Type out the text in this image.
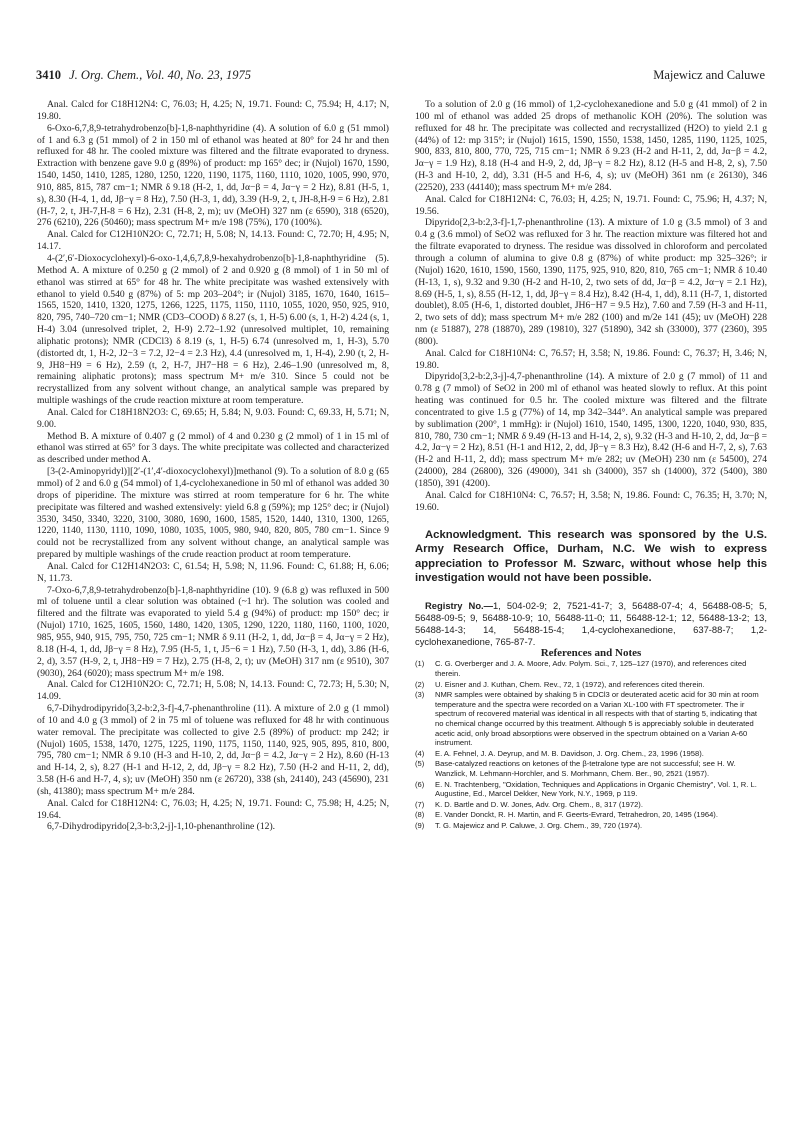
3410 J. Org. Chem., Vol. 40, No. 23, 1975	Majewicz and Caluwe

Anal. Calcd for C18H12N4: C, 76.03; H, 4.25; N, 19.71. Found: C, 75.94; H, 4.17; N, 19.80.

6-Oxo-6,7,8,9-tetrahydrobenzo[b]-1,8-naphthyridine (4). A solution of 6.0 g (51 mmol) of 1 and 6.3 g (51 mmol) of 2 in 150 ml of ethanol was heated at 80° for 24 hr and then refluxed for 48 hr. The cooled mixture was filtered and the filtrate evaporated to dryness. Extraction with benzene gave 9.0 g (89%) of product: mp 165° dec; ir (Nujol) 1670, 1590, 1540, 1450, 1410, 1285, 1280, 1250, 1220, 1190, 1175, 1160, 1110, 1020, 1005, 990, 970, 910, 885, 815, 787 cm−1; NMR δ 9.18 (H-2, 1, dd, Jα−β = 4, Jα−γ = 2 Hz), 8.81 (H-5, 1, s), 8.30 (H-4, 1, dd, Jβ−γ = 8 Hz), 7.50 (H-3, 1, dd), 3.39 (H-9, 2, t, JH-8,H-9 = 6 Hz), 2.81 (H-7, 2, t, JH-7,H-8 = 6 Hz), 2.31 (H-8, 2, m); uv (MeOH) 327 nm (ε 6590), 318 (6520), 276 (6210), 226 (50460); mass spectrum M+ m/e 198 (75%), 170 (100%).

Anal. Calcd for C12H10N2O: C, 72.71; H, 5.08; N, 14.13. Found: C, 72.70; H, 4.95; N, 14.17.

4-(2′,6′-Dioxocyclohexyl)-6-oxo-1,4,6,7,8,9-hexahydrobenzo[b]-1,8-naphthyridine (5). Method A. A mixture of 0.250 g (2 mmol) of 2 and 0.920 g (8 mmol) of 1 in 50 ml of ethanol was stirred at 65° for 48 hr. The white precipitate was washed extensively with ethanol to yield 0.540 g (87%) of 5: mp 203–204°; ir (Nujol) 3185, 1670, 1640, 1615–1565, 1520, 1410, 1320, 1275, 1266, 1225, 1175, 1150, 1110, 1055, 1020, 950, 925, 910, 820, 795, 740–720 cm−1; NMR (CD3–COOD) δ 8.27 (s, 1, H-5) 6.00 (s, 1, H-2) 4.24 (s, 1, H-4) 3.04 (unresolved triplet, 2, H-9) 2.72–1.92 (unresolved multiplet, 10, remaining aliphatic protons); NMR (CDCl3) δ 8.19 (s, 1, H-5) 6.74 (unresolved m, 1, H-3), 5.70 (distorted dt, 1, H-2, J2−3 = 7.2, J2−4 = 2.3 Hz), 4.4 (unresolved m, 1, H-4), 2.90 (t, 2, H-9, JH8−H9 = 6 Hz), 2.59 (t, 2, H-7, JH7−H8 = 6 Hz), 2.46–1.90 (unresolved m, 8, remaining aliphatic protons); mass spectrum M+ m/e 310. Since 5 could not be recrystallized from any solvent without change, an analytical sample was prepared by multiple washings of the crude reaction mixture at room temperature.

Anal. Calcd for C18H18N2O3: C, 69.65; H, 5.84; N, 9.03. Found: C, 69.33, H, 5.71; N, 9.00.

Method B. A mixture of 0.407 g (2 mmol) of 4 and 0.230 g (2 mmol) of 1 in 15 ml of ethanol was stirred at 65° for 3 days. The white precipitate was collected and characterized as described under method A.

[3-(2-Aminopyridyl)][2′-(1′,4′-dioxocyclohexyl)]methanol (9). To a solution of 8.0 g (65 mmol) of 2 and 6.0 g (54 mmol) of 1,4-cyclohexanedione in 50 ml of ethanol was added 30 drops of piperidine. The mixture was stirred at room temperature for 6 hr. The white precipitate was filtered and washed extensively: yield 6.8 g (59%); mp 125° dec; ir (Nujol) 3530, 3450, 3340, 3220, 3100, 3080, 1690, 1600, 1585, 1520, 1440, 1310, 1300, 1265, 1220, 1140, 1130, 1110, 1090, 1080, 1035, 1005, 980, 940, 820, 805, 780 cm−1. Since 9 could not be recrystallized from any solvent without change, an analytical sample was prepared by multiple washings of the crude reaction product at room temperature.

Anal. Calcd for C12H14N2O3: C, 61.54; H, 5.98; N, 11.96. Found: C, 61.88; H, 6.06; N, 11.73.

7-Oxo-6,7,8,9-tetrahydrobenzo[b]-1,8-naphthyridine (10). 9 (6.8 g) was refluxed in 500 ml of toluene until a clear solution was obtained (~1 hr). The solution was cooled and filtered and the filtrate was evaporated to yield 5.4 g (94%) of product: mp 150° dec; ir (Nujol) 1710, 1625, 1605, 1560, 1480, 1420, 1305, 1290, 1220, 1180, 1160, 1100, 1020, 985, 955, 940, 915, 795, 750, 725 cm−1; NMR δ 9.11 (H-2, 1, dd, Jα−β = 4, Jα−γ = 2 Hz), 8.18 (H-4, 1, dd, Jβ−γ = 8 Hz), 7.95 (H-5, 1, t, J5−6 = 1 Hz), 7.50 (H-3, 1, dd), 3.86 (H-6, 2, d), 3.57 (H-9, 2, t, JH8−H9 = 7 Hz), 2.75 (H-8, 2, t); uv (MeOH) 317 nm (ε 9510), 307 (9030), 264 (6020); mass spectrum M+ m/e 198.

Anal. Calcd for C12H10N2O: C, 72.71; H, 5.08; N, 14.13. Found: C, 72.73; H, 5.30; N, 14.09.

6,7-Dihydrodipyrido[3,2-b:2,3-f]-4,7-phenanthroline (11). A mixture of 2.0 g (1 mmol) of 10 and 4.0 g (3 mmol) of 2 in 75 ml of toluene was refluxed for 48 hr with continuous water removal. The precipitate was collected to give 2.5 (89%) of product: mp 242; ir (Nujol) 1605, 1538, 1470, 1275, 1225, 1190, 1175, 1150, 1140, 925, 905, 895, 810, 800, 795, 780 cm−1; NMR δ 9.10 (H-3 and H-10, 2, dd, Jα−β = 4.2, Jα−γ = 2 Hz), 8.60 (H-13 and H-14, 2, s), 8.27 (H-1 and H-12, 2, dd, Jβ−γ = 8.2 Hz), 7.50 (H-2 and H-11, 2, dd), 3.58 (H-6 and H-7, 4, s); uv (MeOH) 350 nm (ε 26720), 338 (sh, 24140), 243 (45690), 231 (sh, 41380); mass spectrum M+ m/e 284.

Anal. Calcd for C18H12N4: C, 76.03; H, 4.25; N, 19.71. Found: C, 75.98; H, 4.25; N, 19.64.

6,7-Dihydrodipyrido[2,3-b:3,2-j]-1,10-phenanthroline (12).

To a solution of 2.0 g (16 mmol) of 1,2-cyclohexanedione and 5.0 g (41 mmol) of 2 in 100 ml of ethanol was added 25 drops of methanolic KOH (20%). The solution was refluxed for 48 hr. The precipitate was collected and recrystallized (H2O) to yield 2.1 g (44%) of 12: mp 315°; ir (Nujol) 1615, 1590, 1550, 1538, 1450, 1285, 1190, 1125, 1025, 900, 833, 810, 800, 770, 725, 715 cm−1; NMR δ 9.23 (H-2 and H-11, 2, dd, Jα−β = 4.2, Jα−γ = 1.9 Hz), 8.18 (H-4 and H-9, 2, dd, Jβ−γ = 8.2 Hz), 8.12 (H-5 and H-8, 2, s), 7.50 (H-3 and H-10, 2, dd), 3.31 (H-5 and H-6, 4, s); uv (MeOH) 361 nm (ε 26130), 346 (22520), 233 (44140); mass spectrum M+ m/e 284.

Anal. Calcd for C18H12N4: C, 76.03; H, 4.25; N, 19.71. Found: C, 75.96; H, 4.37; N, 19.56.

Dipyrido[2,3-b:2,3-f]-1,7-phenanthroline (13). A mixture of 1.0 g (3.5 mmol) of 3 and 0.4 g (3.6 mmol) of SeO2 was refluxed for 3 hr. The reaction mixture was filtered hot and the filtrate evaporated to dryness. The residue was dissolved in chloroform and percolated through a column of alumina to give 0.8 g (87%) of white product: mp 325–326°; ir (Nujol) 1620, 1610, 1590, 1560, 1390, 1175, 925, 910, 820, 810, 765 cm−1; NMR δ 10.40 (H-13, 1, s), 9.32 and 9.30 (H-2 and H-10, 2, two sets of dd, Jα−β = 4.2, Jα−γ = 2.1 Hz), 8.69 (H-5, 1, s), 8.55 (H-12, 1, dd, Jβ−γ = 8.4 Hz), 8.42 (H-4, 1, dd), 8.11 (H-7, 1, distorted doublet), 8.05 (H-6, 1, distorted doublet, JH6−H7 = 9.5 Hz), 7.60 and 7.59 (H-3 and H-11, 2, two sets of dd); mass spectrum M+ m/e 282 (100) and m/2e 141 (45); uv (MeOH) 228 nm (ε 51887), 278 (18870), 289 (19810), 327 (51890), 342 sh (33000), 377 (2360), 395 (800).

Anal. Calcd for C18H10N4: C, 76.57; H, 3.58; N, 19.86. Found: C, 76.37; H, 3.46; N, 19.80.

Dipyrido[3,2-b:2,3-j]-4,7-phenanthroline (14). A mixture of 2.0 g (7 mmol) of 11 and 0.78 g (7 mmol) of SeO2 in 200 ml of ethanol was heated slowly to reflux. At this point heating was continued for 0.5 hr. The cooled mixture was filtered and the filtrate concentrated to give 1.5 g (77%) of 14, mp 342–344°. An analytical sample was prepared by sublimation (200°, 1 mmHg): ir (Nujol) 1610, 1540, 1495, 1300, 1220, 1040, 930, 835, 810, 780, 730 cm−1; NMR δ 9.49 (H-13 and H-14, 2, s), 9.32 (H-3 and H-10, 2, dd, Jα−β = 4.2, Jα−γ = 2 Hz), 8.51 (H-1 and H12, 2, dd, Jβ−γ = 8.3 Hz), 8.42 (H-6 and H-7, 2, s), 7.63 (H-2 and H-11, 2, dd); mass spectrum M+ m/e 282; uv (MeOH) 230 nm (ε 54500), 274 (24000), 284 (26800), 326 (49000), 341 sh (34000), 357 sh (14000), 372 (5400), 380 (1850), 391 (4200).

Anal. Calcd for C18H10N4: C, 76.57; H, 3.58; N, 19.86. Found: C, 76.35; H, 3.70; N, 19.60.

Acknowledgment. This research was sponsored by the U.S. Army Research Office, Durham, N.C. We wish to express appreciation to Professor M. Szwarc, without whose help this investigation would not have been possible.

Registry No.—1, 504-02-9; 2, 7521-41-7; 3, 56488-07-4; 4, 56488-08-5; 5, 56488-09-5; 9, 56488-10-9; 10, 56488-11-0; 11, 56488-12-1; 12, 56488-13-2; 13, 56488-14-3; 14, 56488-15-4; 1,4-cyclohexanedione, 637-88-7; 1,2-cyclohexanedione, 765-87-7.

References and Notes

(1) C. G. Overberger and J. A. Moore, Adv. Polym. Sci., 7, 125–127 (1970), and references cited therein.
(2) U. Eisner and J. Kuthan, Chem. Rev., 72, 1 (1972), and references cited therein.
(3) NMR samples were obtained by shaking 5 in CDCl3 or deuterated acetic acid for 30 min at room temperature and the spectra were recorded on a Varian XL-100 with FT spectrometer. The ir spectrum of recovered material was identical in all respects with that of starting 5, indicating that no chemical change occurred by this treatment. Although 5 is appreciably soluble in deuterated acetic acid, only broad absorptions were observed in the spectrum obtained on a Varian A-60 instrument.
(4) E. A. Fehnel, J. A. Deyrup, and M. B. Davidson, J. Org. Chem., 23, 1996 (1958).
(5) Base-catalyzed reactions on ketones of the β-tetralone type are not successful; see H. W. Wanzlick, M. Lehmann-Horchler, and S. Morhmann, Chem. Ber., 90, 2521 (1957).
(6) E. N. Trachtenberg, "Oxidation, Techniques and Applications in Organic Chemistry", Vol. 1, R. L. Augustine, Ed., Marcel Dekker, New York, N.Y., 1969, p 119.
(7) K. D. Bartle and D. W. Jones, Adv. Org. Chem., 8, 317 (1972).
(8) E. Vander Donckt, R. H. Martin, and F. Geerts-Evrard, Tetrahedron, 20, 1495 (1964).
(9) T. G. Majewicz and P. Caluwe, J. Org. Chem., 39, 720 (1974).
